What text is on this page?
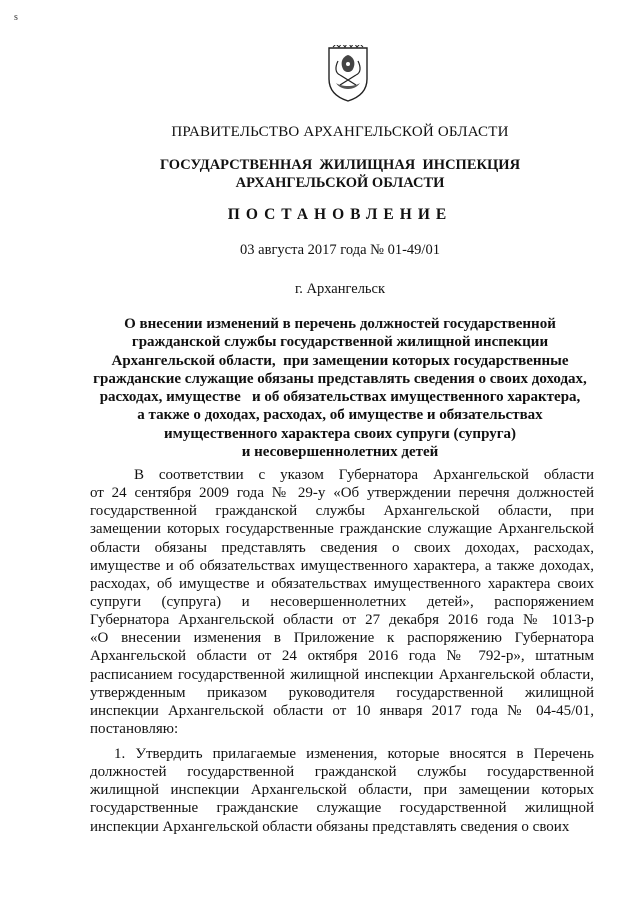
s
ПРАВИТЕЛЬСТВО АРХАНГЕЛЬСКОЙ ОБЛАСТИ
ГОСУДАРСТВЕННАЯ  ЖИЛИЩНАЯ  ИНСПЕКЦИЯ
АРХАНГЕЛЬСКОЙ ОБЛАСТИ
ПОСТАНОВЛЕНИЕ
03 августа 2017 года № 01-49/01
г. Архангельск
О внесении изменений в перечень должностей государственной
гражданской службы государственной жилищной инспекции
Архангельской области,  при замещении которых государственные
гражданские служащие обязаны представлять сведения о своих доходах,
расходах, имуществе   и об обязательствах имущественного характера,
а также о доходах, расходах, об имуществе и обязательствах
имущественного характера своих супруги (супруга)
и несовершеннолетних детей
В соответствии с указом Губернатора Архангельской области
от 24 сентября 2009 года № 29-у «Об утверждении перечня должностей
государственной гражданской службы Архангельской области, при
замещении которых государственные гражданские служащие Архангельской
области обязаны представлять сведения о своих доходах, расходах,
имуществе и об обязательствах имущественного характера, а также доходах,
расходах, об имуществе и обязательствах имущественного характера своих
супруги (супруга) и несовершеннолетних детей», распоряжением
Губернатора Архангельской области от 27 декабря 2016 года № 1013-р
«О внесении изменения в Приложение к распоряжению Губернатора
Архангельской области от 24 октября 2016 года № 792-р», штатным
расписанием государственной жилищной инспекции Архангельской области,
утвержденным приказом руководителя государственной жилищной
инспекции Архангельской области от 10 января 2017 года № 04-45/01,
постановляю:
1. Утвердить прилагаемые изменения, которые вносятся в Перечень
должностей государственной гражданской службы государственной
жилищной инспекции Архангельской области, при замещении которых
государственные гражданские служащие государственной жилищной
инспекции Архангельской области обязаны представлять сведения о своих
